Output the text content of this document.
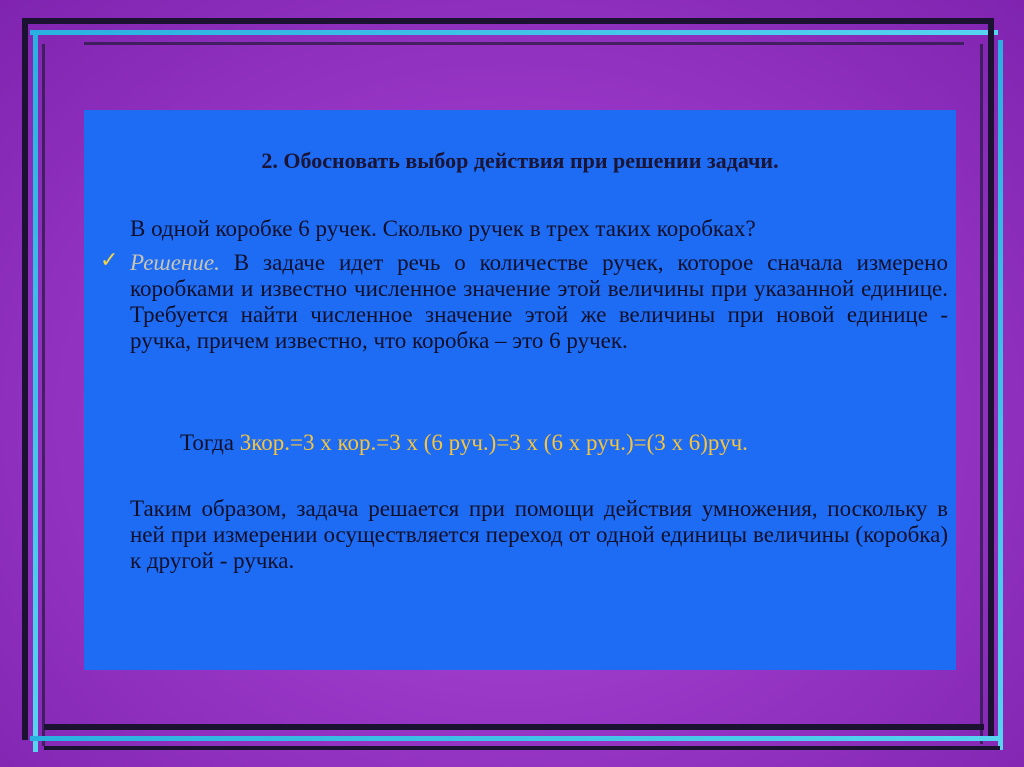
2. Обосновать выбор действия при решении задачи.
В одной коробке 6 ручек. Сколько ручек в трех таких коробках?
✓ Решение. В задаче идет речь о количестве ручек, которое сначала измерено коробками и известно численное значение этой величины при указанной единице. Требуется найти численное значение этой же величины при новой единице - ручка, причем известно, что коробка – это 6 ручек.
Тогда 3кор.=3 х кор.=3 х (6 руч.)=3 х (6 х руч.)=(3 х 6)руч.
Таким образом, задача решается при помощи действия умножения, поскольку в ней при измерении осуществляется переход от одной единицы величины (коробка) к другой - ручка.
